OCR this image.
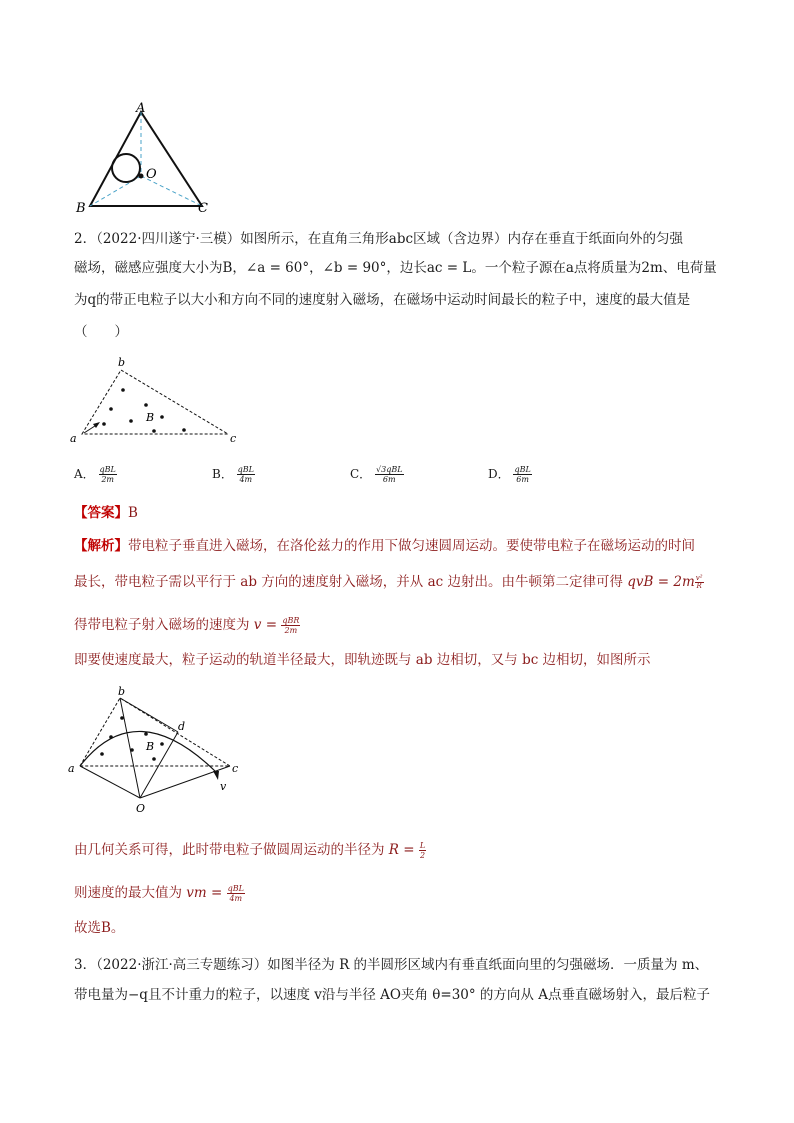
A
O
B	C
2．（2022·四川遂宁·三模）如图所示，在直角三角形abc区域（含边界）内存在垂直于纸面向外的匀强
磁场，磁感应强度大小为B，∠a = 60°，∠b = 90°，边长ac = L。一个粒子源在a点将质量为2m、电荷量
为q的带正电粒子以大小和方向不同的速度射入磁场，在磁场中运动时间最长的粒子中，速度的最大值是
（　　）
b
a	c
B
A． $\frac{\text{qBL}}{2m}$	B． $\frac{\text{qBL}}{4m}$	C． $\frac{\text{√3qBL}}{6m}$	D． $\frac{\text{qBL}}{6m}$
【答案】B
【解析】带电粒子垂直进入磁场，在洛伦兹力的作用下做匀速圆周运动。要使带电粒子在磁场运动的时间
最长，带电粒子需以平行于 ab 方向的速度射入磁场，并从 ac 边射出。由牛顿第二定律可得 qvB = $2m \frac{\text{v²}}{R}$
得带电粒子射入磁场的速度为 $v = \frac{\text{qBR}}{2m}$
即要使速度最大，粒子运动的轨道半径最大，即轨迹既与 ab 边相切，又与 bc 边相切，如图所示
b
d
a	c
B
O
v
由几何关系可得，此时带电粒子做圆周运动的半径为 $R = \frac{L}{2}$
则速度的最大值为 vm = $\frac{\text{qBL}}{4m}$
故选B。
3．（2022·浙江·高三专题练习）如图半径为 R 的半圆形区域内有垂直纸面向里的匀强磁场．一质量为 m、
带电量为−q且不计重力的粒子，以速度 v沿与半径 AO夹角 θ=30° 的方向从 A点垂直磁场射入，最后粒子
